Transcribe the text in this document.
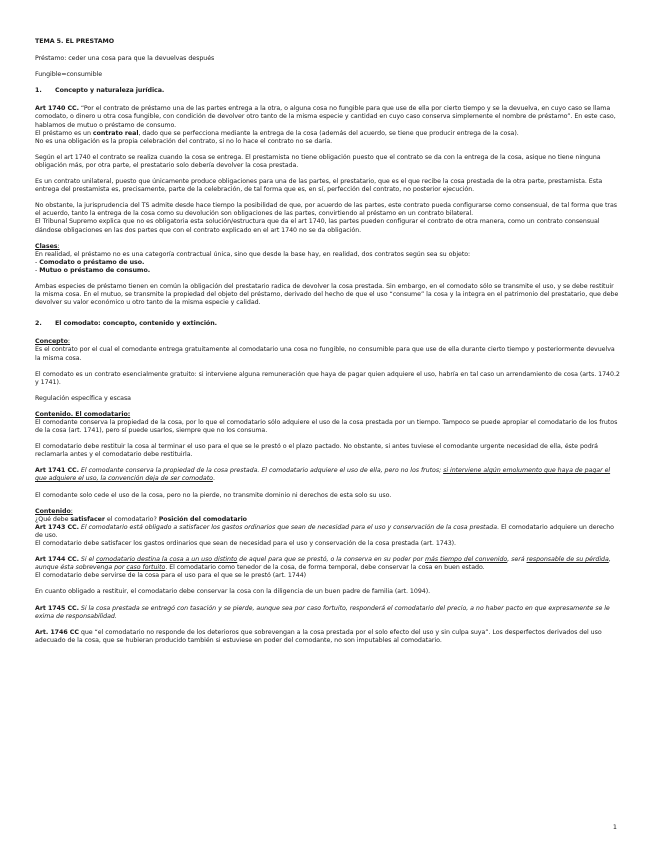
TEMA 5. EL PRESTAMO

Préstamo: ceder una cosa para que la devuelvas después

Fungible=consumible

1. Concepto y naturaleza jurídica.

Art 1740 CC. “Por el contrato de préstamo una de las partes entrega a la otra, o alguna cosa no fungible para que use de ella por cierto tiempo y se la devuelva, en cuyo caso se llama comodato, o dinero u otra cosa fungible, con condición de devolver otro tanto de la misma especie y cantidad en cuyo caso conserva simplemente el nombre de préstamo”. En este caso, hablamos de mutuo o préstamo de consumo.

El préstamo es un contrato real, dado que se perfecciona mediante la entrega de la cosa (además del acuerdo, se tiene que producir entrega de la cosa).

No es una obligación es la propia celebración del contrato, si no lo hace el contrato no se daría.

Según el art 1740 el contrato se realiza cuando la cosa se entrega. El prestamista no tiene obligación puesto que el contrato se da con la entrega de la cosa, asique no tiene ninguna obligación más, por otra parte, el prestatario solo debería devolver la cosa prestada.

Es un contrato unilateral, puesto que únicamente produce obligaciones para una de las partes, el prestatario, que es el que recibe la cosa prestada de la otra parte, prestamista. Esta entrega del prestamista es, precisamente, parte de la celebración, de tal forma que es, en sí, perfección del contrato, no posterior ejecución.

No obstante, la jurisprudencia del TS admite desde hace tiempo la posibilidad de que, por acuerdo de las partes, este contrato pueda configurarse como consensual, de tal forma que tras el acuerdo, tanto la entrega de la cosa como su devolución son obligaciones de las partes, convirtiendo al préstamo en un contrato bilateral.

El Tribunal Supremo explica que no es obligatoria esta solución/estructura que da el art 1740, las partes pueden configurar el contrato de otra manera, como un contrato consensual dándose obligaciones en las dos partes que con el contrato explicado en el art 1740 no se da obligación.

Clases:

En realidad, el préstamo no es una categoría contractual única, sino que desde la base hay, en realidad, dos contratos según sea su objeto:

- Comodato o préstamo de uso.

- Mutuo o préstamo de consumo.

Ambas especies de préstamo tienen en común la obligación del prestatario radica de devolver la cosa prestada. Sin embargo, en el comodato sólo se transmite el uso, y se debe restituir la misma cosa. En el mutuo, se transmite la propiedad del objeto del préstamo, derivado del hecho de que el uso “consume” la cosa y la integra en el patrimonio del prestatario, que debe devolver su valor económico u otro tanto de la misma especie y calidad.

2. El comodato: concepto, contenido y extinción.

Concepto:

Es el contrato por el cual el comodante entrega gratuitamente al comodatario una cosa no fungible, no consumible para que use de ella durante cierto tiempo y posteriormente devuelva la misma cosa.

El comodato es un contrato esencialmente gratuito: si interviene alguna remuneración que haya de pagar quien adquiere el uso, habría en tal caso un arrendamiento de cosa (arts. 1740.2 y 1741).

Regulación específica y escasa

Contenido. El comodatario:

El comodante conserva la propiedad de la cosa, por lo que el comodatario sólo adquiere el uso de la cosa prestada por un tiempo. Tampoco se puede apropiar el comodatario de los frutos de la cosa (art. 1741), pero sí puede usarlos, siempre que no los consuma.

El comodatario debe restituir la cosa al terminar el uso para el que se le prestó o el plazo pactado. No obstante, si antes tuviese el comodante urgente necesidad de ella, éste podrá reclamarla antes y el comodatario debe restituirla.

Art 1741 CC. El comodante conserva la propiedad de la cosa prestada. El comodatario adquiere el uso de ella, pero no los frutos; si interviene algún emolumento que haya de pagar el que adquiere el uso, la convención deja de ser comodato.

El comodante solo cede el uso de la cosa, pero no la pierde, no transmite dominio ni derechos de esta solo su uso.

Contenido:

¿Qué debe satisfacer el comodatario? Posición del comodatario

Art 1743 CC. El comodatario está obligado a satisfacer los gastos ordinarios que sean de necesidad para el uso y conservación de la cosa prestada. El comodatario adquiere un derecho de uso.

El comodatario debe satisfacer los gastos ordinarios que sean de necesidad para el uso y conservación de la cosa prestada (art. 1743).

Art 1744 CC. Si el comodatario destina la cosa a un uso distinto de aquel para que se prestó, o la conserva en su poder por más tiempo del convenido, será responsable de su pérdida, aunque ésta sobrevenga por caso fortuito. El comodatario como tenedor de la cosa, de forma temporal, debe conservar la cosa en buen estado.

El comodatario debe servirse de la cosa para el uso para el que se le prestó (art. 1744)

En cuanto obligado a restituir, el comodatario debe conservar la cosa con la diligencia de un buen padre de familia (art. 1094).

Art 1745 CC. Si la cosa prestada se entregó con tasación y se pierde, aunque sea por caso fortuito, responderá el comodatario del precio, a no haber pacto en que expresamente se le exima de responsabilidad.

Art. 1746 CC que “el comodatario no responde de los deterioros que sobrevengan a la cosa prestada por el solo efecto del uso y sin culpa suya”. Los desperfectos derivados del uso adecuado de la cosa, que se hubieran producido también si estuviese en poder del comodante, no son imputables al comodatario.

1
